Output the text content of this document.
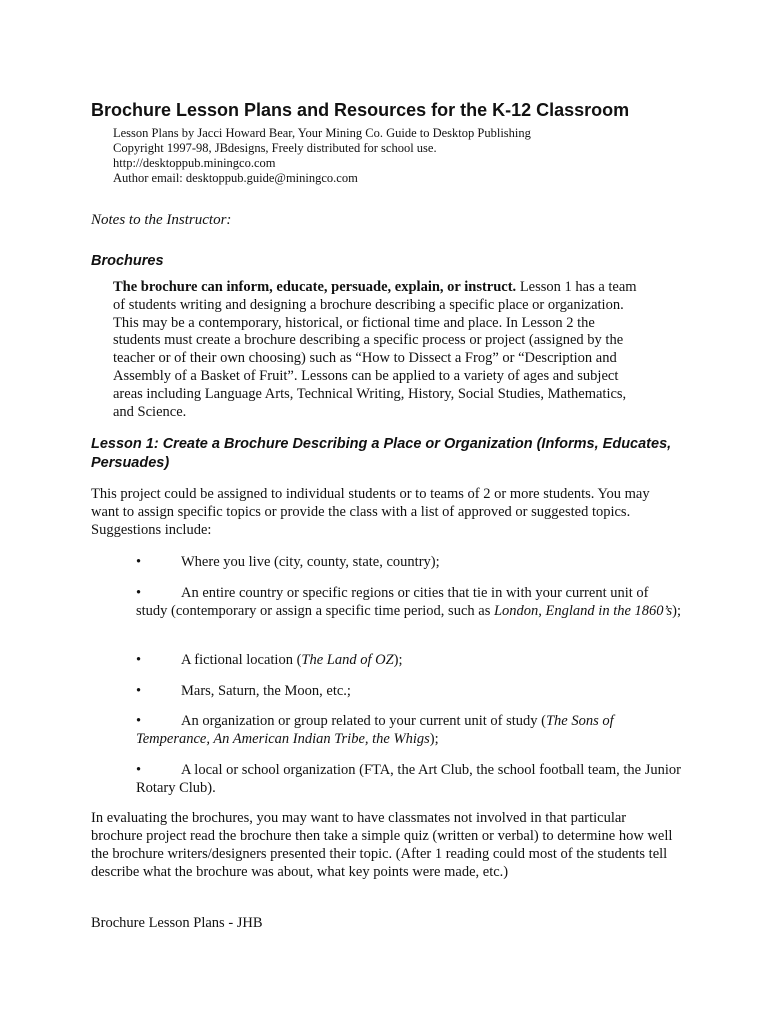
Brochure Lesson Plans and Resources for the K-12 Classroom
Lesson Plans by Jacci Howard Bear, Your Mining Co. Guide to Desktop Publishing
Copyright 1997-98, JBdesigns, Freely distributed for school use.
http://desktoppub.miningco.com
Author email: desktoppub.guide@miningco.com
Notes to the Instructor:
Brochures

The brochure can inform, educate, persuade, explain, or instruct. Lesson 1 has a team of students writing and designing a brochure describing a specific place or organization. This may be a contemporary, historical, or fictional time and place. In Lesson 2 the students must create a brochure describing a specific process or project (assigned by the teacher or of their own choosing) such as “How to Dissect a Frog” or “Description and Assembly of a Basket of Fruit”. Lessons can be applied to a variety of ages and subject areas including Language Arts, Technical Writing, History, Social Studies, Mathematics, and Science.

Lesson 1: Create a Brochure Describing a Place or Organization (Informs, Educates, Persuades)

This project could be assigned to individual students or to teams of 2 or more students. You may want to assign specific topics or provide the class with a list of approved or suggested topics. Suggestions include:

•	Where you live (city, county, state, country);

•	An entire country or specific regions or cities that tie in with your current unit of study (contemporary or assign a specific time period, such as London, England in the 1860’s);

•	A fictional location (The Land of OZ);

•	Mars, Saturn, the Moon, etc.;

•	An organization or group related to your current unit of study (The Sons of Temperance, An American Indian Tribe, the Whigs);

•	A local or school organization (FTA, the Art Club, the school football team, the Junior Rotary Club).

In evaluating the brochures, you may want to have classmates not involved in that particular brochure project read the brochure then take a simple quiz (written or verbal) to determine how well the brochure writers/designers presented their topic. (After 1 reading could most of the students tell describe what the brochure was about, what key points were made, etc.)

Brochure Lesson Plans - JHB
